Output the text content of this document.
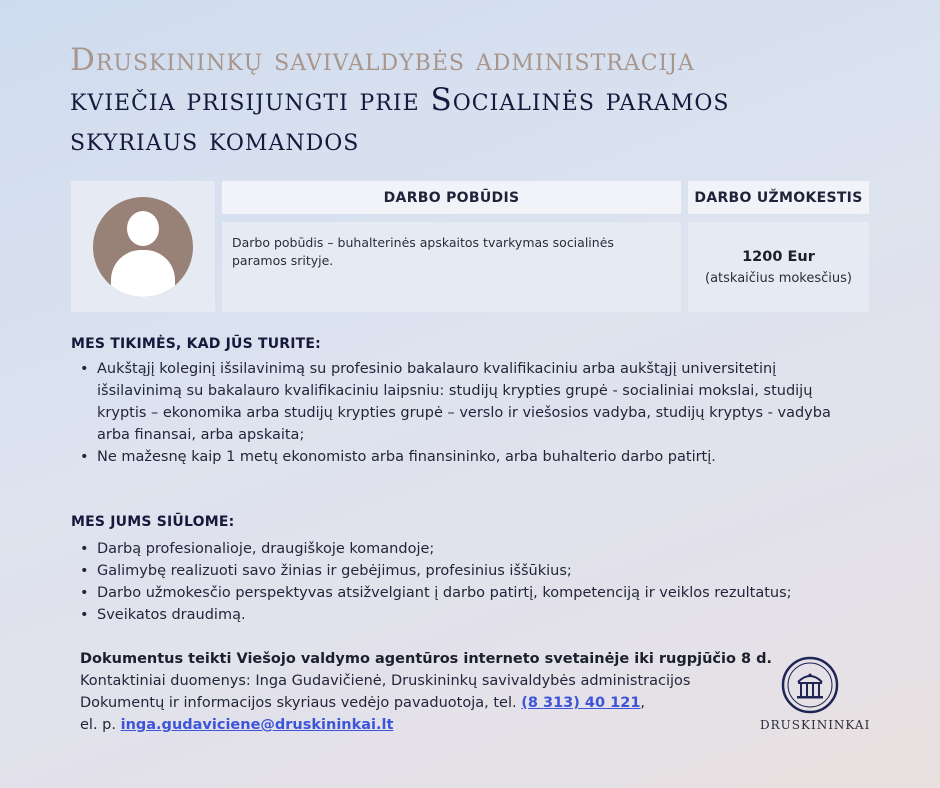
Druskininkų savivaldybės administracija
kviečia prisijungti prie Socialinės paramos
skyriaus komandos
DARBO POBŪDIS	DARBO UŽMOKESTIS
Darbo pobūdis – buhalterinės apskaitos tvarkymas socialinės paramos srityje.	1200 Eur
(atskaičius mokesčius)
MES TIKIMĖS, KAD JŪS TURITE:
• Aukštąjį koleginį išsilavinimą su profesinio bakalauro kvalifikaciniu arba aukštąjį universitetinį išsilavinimą su bakalauro kvalifikaciniu laipsniu: studijų krypties grupė - socialiniai mokslai, studijų kryptis – ekonomika arba studijų krypties grupė – verslo ir viešosios vadyba, studijų kryptys - vadyba arba finansai, arba apskaita;
• Ne mažesnę kaip 1 metų ekonomisto arba finansininko, arba buhalterio darbo patirtį.
MES JUMS SIŪLOME:
• Darbą profesionalioje, draugiškoje komandoje;
• Galimybę realizuoti savo žinias ir gebėjimus, profesinius iššūkius;
• Darbo užmokesčio perspektyvas atsižvelgiant į darbo patirtį, kompetenciją ir veiklos rezultatus;
• Sveikatos draudimą.
Dokumentus teikti Viešojo valdymo agentūros interneto svetainėje iki rugpjūčio 8 d.
Kontaktiniai duomenys: Inga Gudavičienė, Druskininkų savivaldybės administracijos
Dokumentų ir informacijos skyriaus vedėjo pavaduotoja, tel. (8 313) 40 121,
el. p. inga.gudaviciene@druskininkai.lt	DRUSKININKAI
